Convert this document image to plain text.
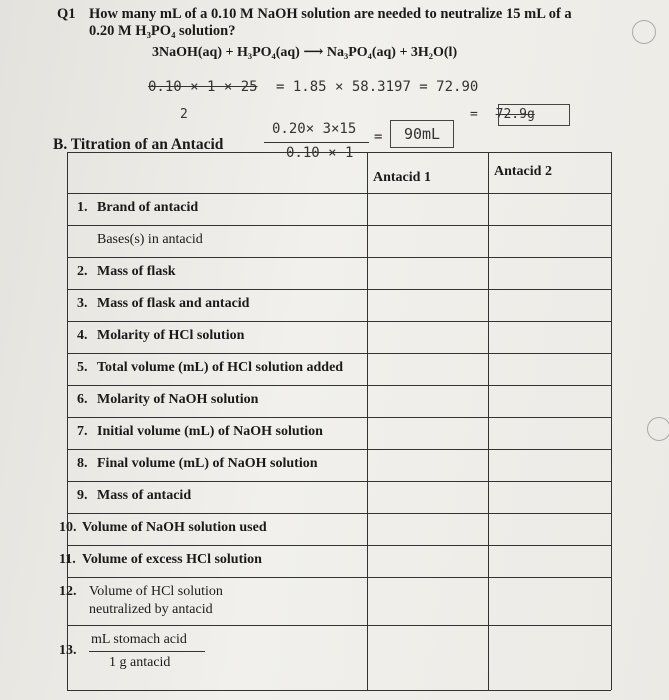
Q1 How many mL of a 0.10 M NaOH solution are needed to neutralize 15 mL of a
0.20 M H₃PO₄ solution?
3NaOH(aq) + H₃PO₄(aq) ⟶ Na₃PO₄(aq) + 3H₂O(l)
0.10 × 1 × 25 = 1.85 × 58.3197 = 72.90
2	= 72.9g
B. Titration of an Antacid
0.20× 3×15
0.10 × 1
=	90mL
Antacid 1	Antacid 2
1. Brand of antacid
Bases(s) in antacid
2. Mass of flask
3. Mass of flask and antacid
4. Molarity of HCl solution
5. Total volume (mL) of HCl solution added
6. Molarity of NaOH solution
7. Initial volume (mL) of NaOH solution
8. Final volume (mL) of NaOH solution
9. Mass of antacid
10. Volume of NaOH solution used
11. Volume of excess HCl solution
12. Volume of HCl solution
neutralized by antacid
13.
mL stomach acid
1 g antacid
